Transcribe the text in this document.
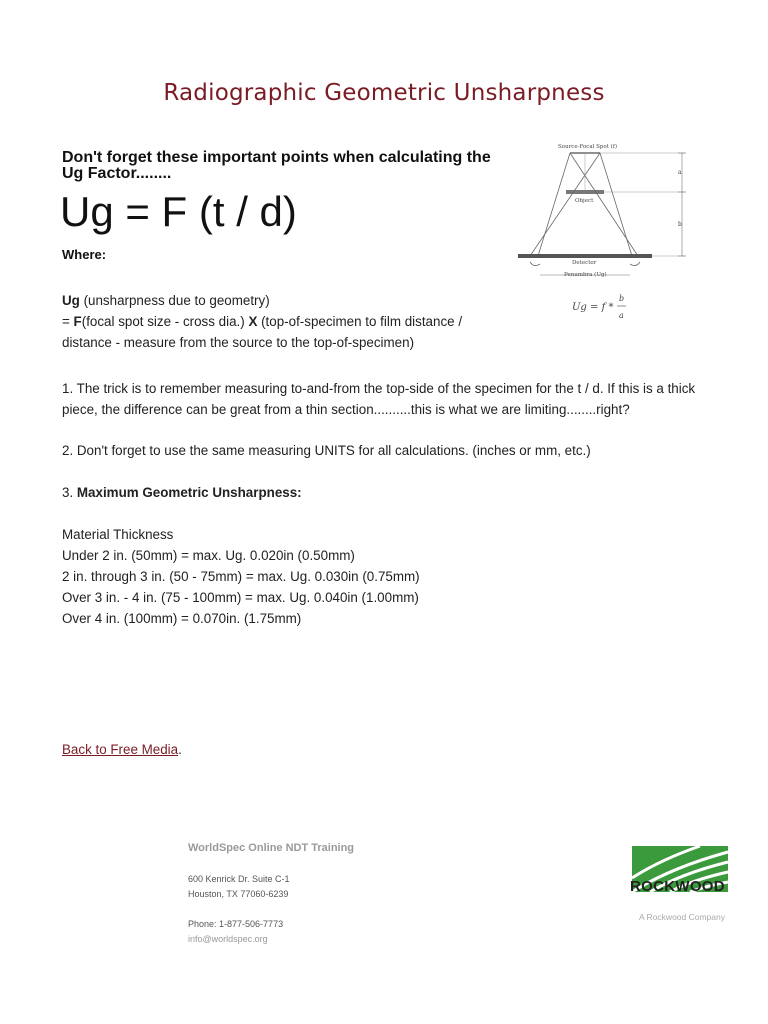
Radiographic Geometric Unsharpness
Don't forget these important points when calculating the Ug Factor........
Ug = F (t / d)
Where:
Ug (unsharpness due to geometry)
= F(focal spot size - cross dia.) X (top-of-specimen to film distance / distance - measure from the source to the top-of-specimen)
Source-Focal Spot (f)
Object
Detector
Penumbra (Ug)
a
b
Ug = f *
b
a
1. The trick is to remember measuring to-and-from the top-side of the specimen for the t / d. If this is a thick piece, the difference can be great from a thin section..........this is what we are limiting........right?
2. Don't forget to use the same measuring UNITS for all calculations. (inches or mm, etc.)
3. Maximum Geometric Unsharpness:
Material Thickness
Under 2 in. (50mm) = max. Ug. 0.020in (0.50mm)
2 in. through 3 in. (50 - 75mm) = max. Ug. 0.030in (0.75mm)
Over 3 in. - 4 in. (75 - 100mm) = max. Ug. 0.040in (1.00mm)
Over 4 in. (100mm) = 0.070in. (1.75mm)
Back to Free Media.
WorldSpec Online NDT Training
600 Kenrick Dr. Suite C-1
Houston, TX 77060-6239
Phone: 1-877-506-7773
info@worldspec.org
ROCKWOOD
A Rockwood Company
